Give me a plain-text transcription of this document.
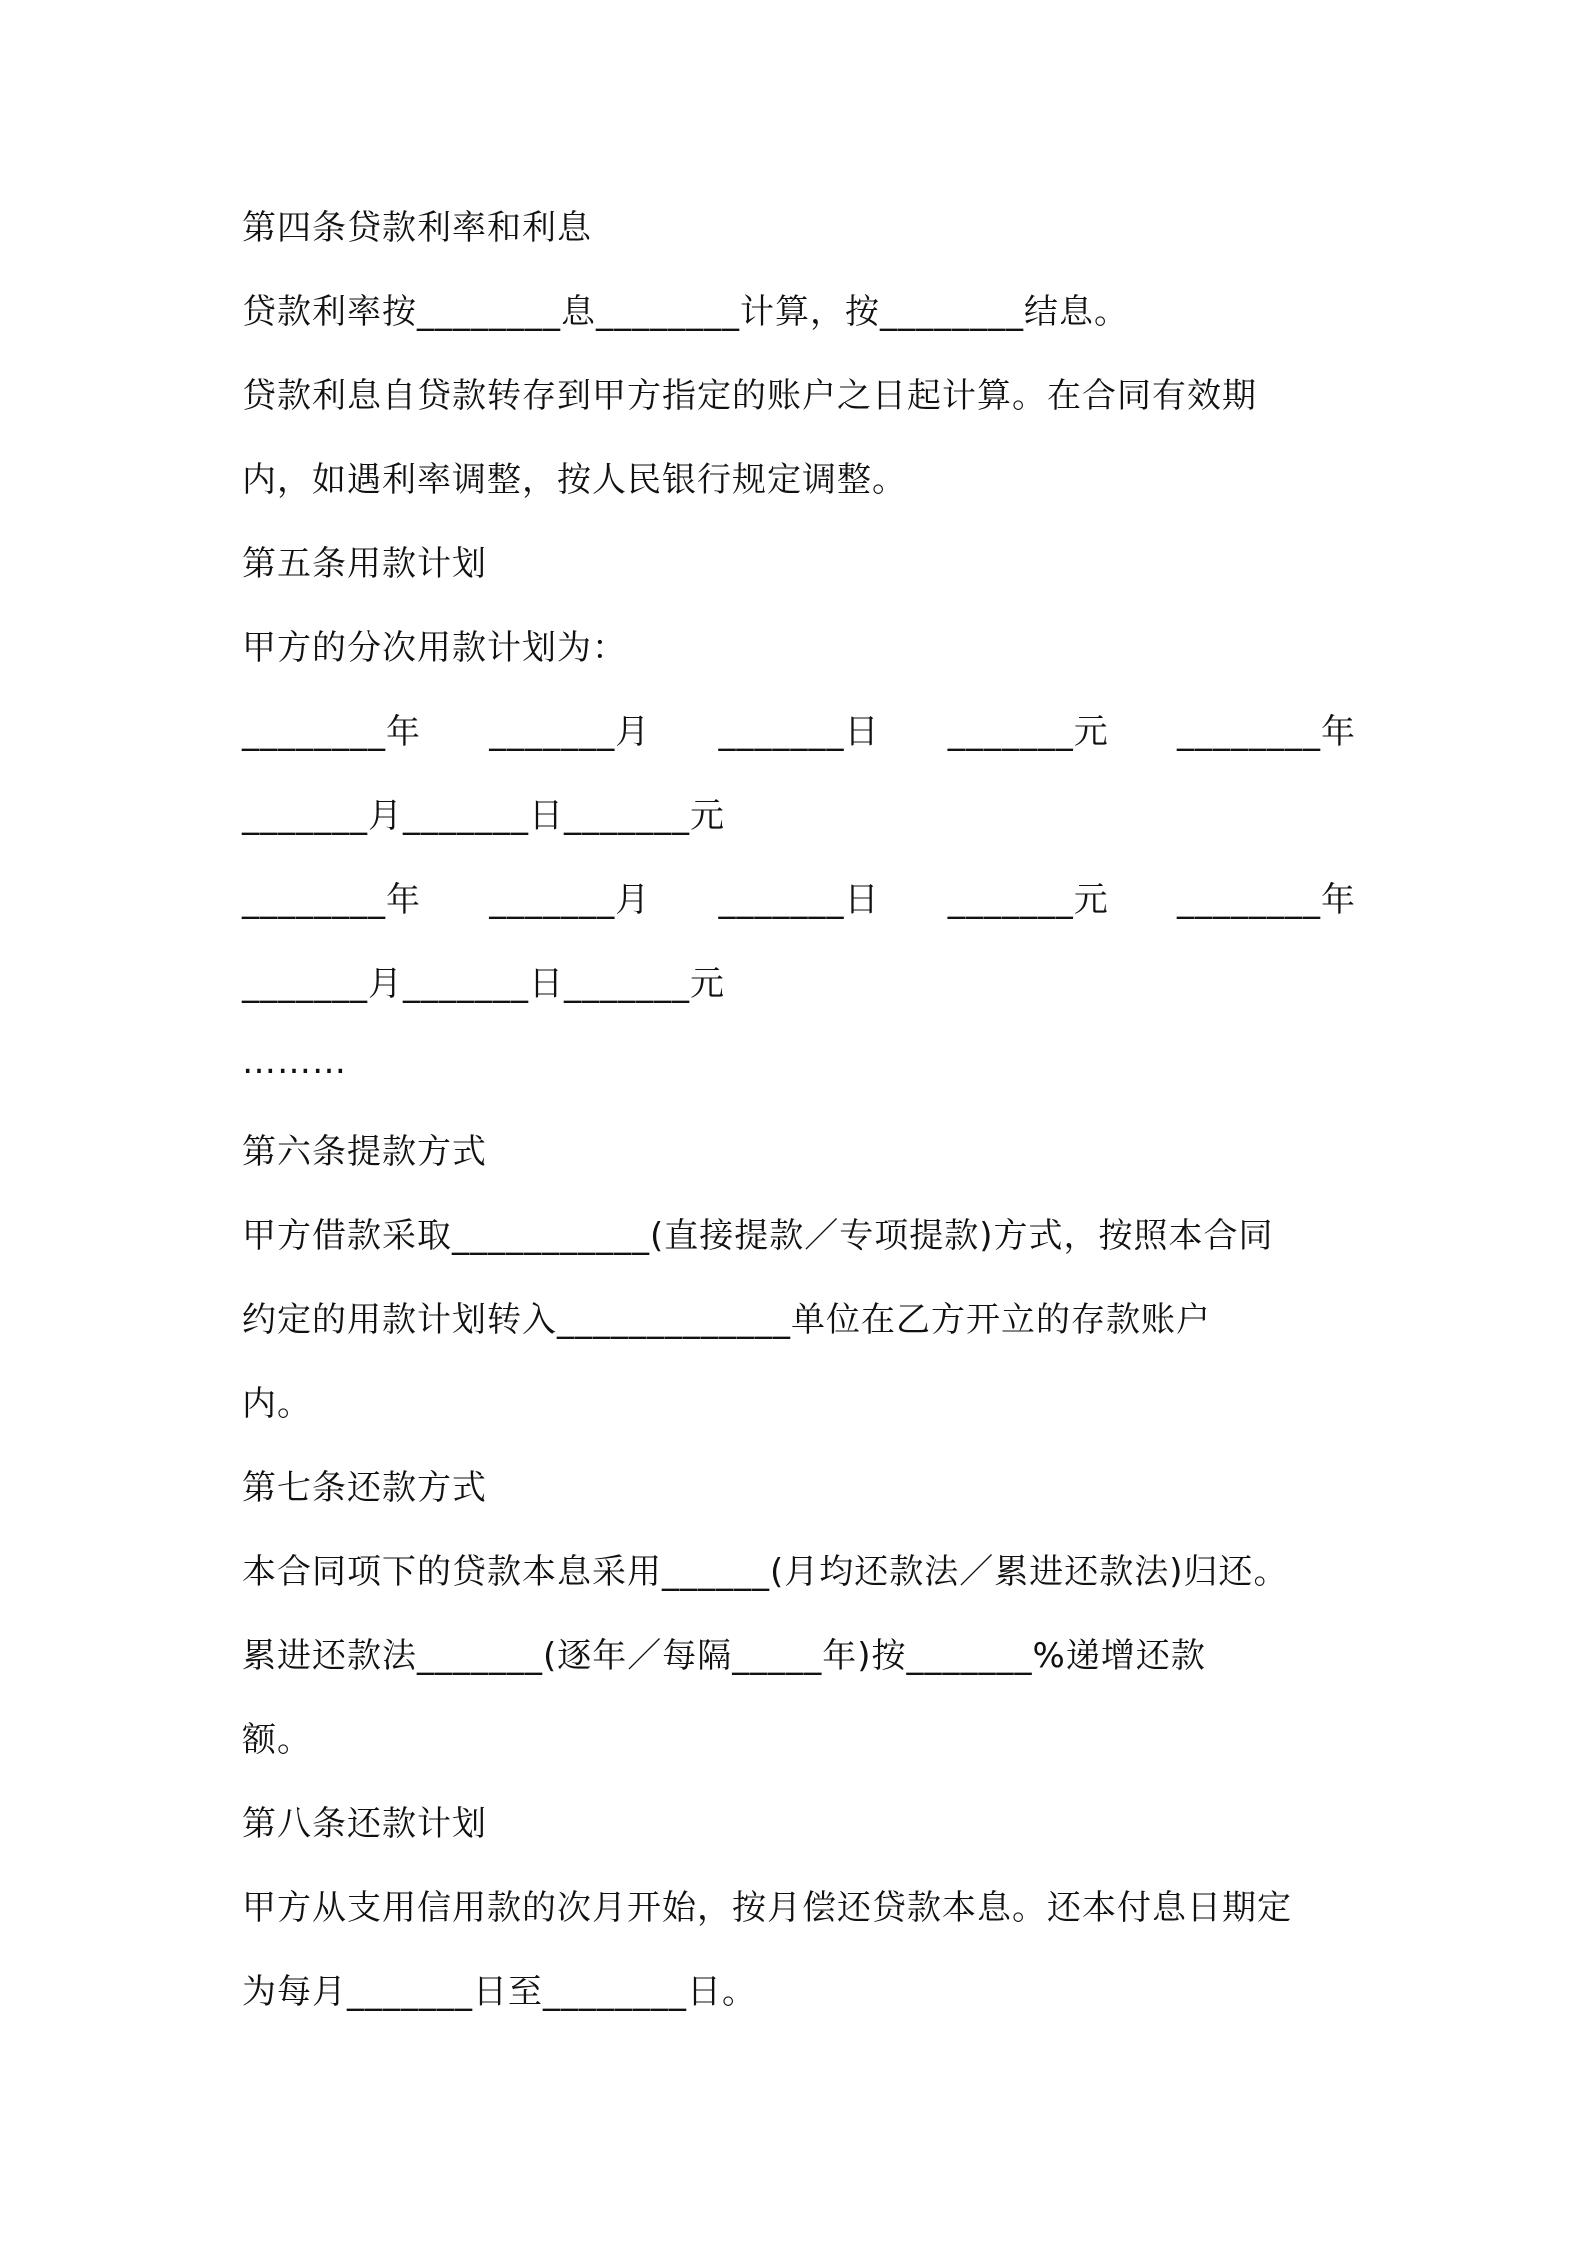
第四条贷款利率和利息
贷款利率按________息________计算，按________结息。
贷款利息自贷款转存到甲方指定的账户之日起计算。在合同有效期
内，如遇利率调整，按人民银行规定调整。
第五条用款计划
甲方的分次用款计划为：
________年 _______月 _______日 _______元 ________年
_______月_______日_______元
________年 _______月 _______日 _______元 ________年
_______月_______日_______元
………
第六条提款方式
甲方借款采取___________(直接提款／专项提款)方式，按照本合同
约定的用款计划转入_____________单位在乙方开立的存款账户
内。
第七条还款方式
本合同项下的贷款本息采用______(月均还款法／累进还款法)归还。
累进还款法_______(逐年／每隔_____年)按_______%递增还款
额。
第八条还款计划
甲方从支用信用款的次月开始，按月偿还贷款本息。还本付息日期定
为每月_______日至________日。
